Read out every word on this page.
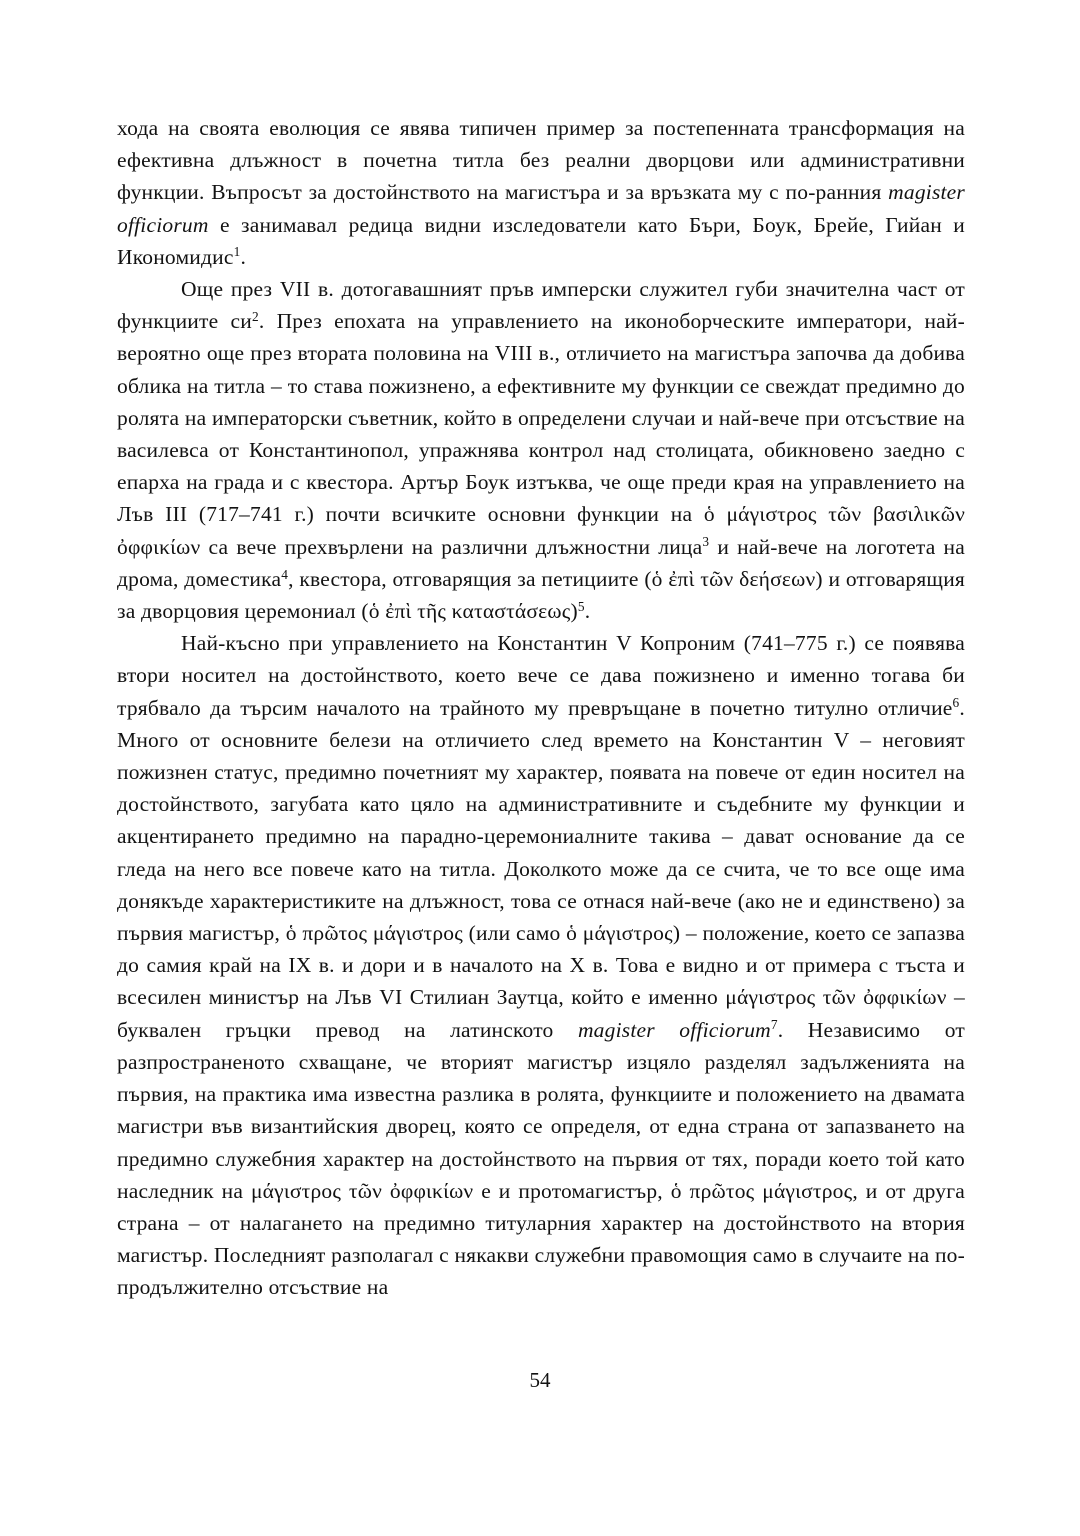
хода на своята еволюция се явява типичен пример за постепенната трансформация на ефективна длъжност в почетна титла без реални дворцови или административни функции. Въпросът за достойнството на магистъра и за връзката му с по-ранния magister officiorum е занимавал редица видни изследователи като Бъри, Боук, Брейе, Гийан и Икономидис$^1$.

Още през VII в. дотогавашният пръв имперски служител губи значителна част от функциите си$^2$. През епохата на управлението на иконоборческите императори, най-вероятно още през втората половина на VIII в., отличието на магистъра започва да добива облика на титла – то става пожизнено, а ефективните му функции се свеждат предимно до ролята на императорски съветник, който в определени случаи и най-вече при отсъствие на василевса от Константинопол, упражнява контрол над столицата, обикновено заедно с епарха на града и с квестора. Артър Боук изтъква, че още преди края на управлението на Лъв III (717–741 г.) почти всичките основни функции на ὁ μάγιστρος τῶν βασιλικῶν ὀφφικίων са вече прехвърлени на различни длъжностни лица$^3$ и най-вече на логотета на дрома, доместика$^4$, квестора, отговарящия за петициите (ὁ ἐπὶ τῶν δεήσεων) и отговарящия за дворцовия церемониал (ὁ ἐπὶ τῆς καταστάσεως)$^5$.

Най-късно при управлението на Константин V Копроним (741–775 г.) се появява втори носител на достойнството, което вече се дава пожизнено и именно тогава би трябвало да търсим началото на трайното му превръщане в почетно титулно отличие$^6$. Много от основните белези на отличието след времето на Константин V – неговият пожизнен статус, предимно почетният му характер, появата на повече от един носител на достойнството, загубата като цяло на административните и съдебните му функции и акцентирането предимно на парадно-церемониалните такива – дават основание да се гледа на него все повече като на титла. Доколкото може да се счита, че то все още има донякъде характеристиките на длъжност, това се отнася най-вече (ако не и единствено) за първия магистър, ὁ πρῶτος μάγιστρος (или само ὁ μάγιστρος) – положение, което се запазва до самия край на IX в. и дори и в началото на X в. Това е видно и от примера с тъста и всесилен министър на Лъв VI Стилиан Заутца, който е именно μάγιστρος τῶν ὀφφικίων – буквален гръцки превод на латинското magister officiorum$^7$. Независимо от разпространеното схващане, че вторият магистър изцяло разделял задълженията на първия, на практика има известна разлика в ролята, функциите и положението на двамата магистри във византийския дворец, която се определя, от една страна от запазването на предимно служебния характер на достойнството на първия от тях, поради което той като наследник на μάγιστρος τῶν ὀφφικίων е и протомагистър, ὁ πρῶτος μάγιστρος, и от друга страна – от налагането на предимно титуларния характер на достойнството на втория магистър. Последният разполагал с някакви служебни правомощия само в случаите на по-продължително отсъствие на

54
